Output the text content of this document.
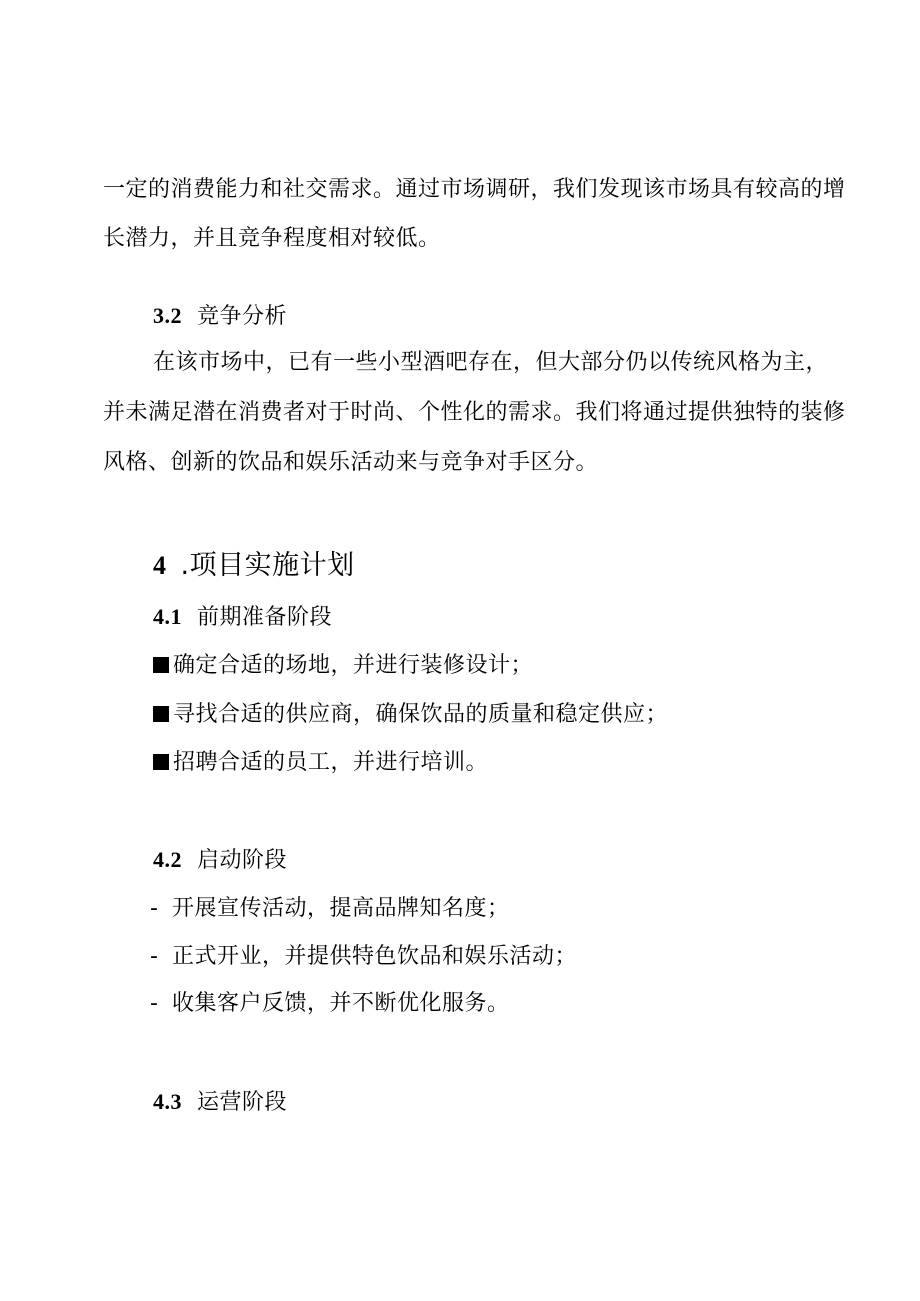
一定的消费能力和社交需求。通过市场调研，我们发现该市场具有较高的增
长潜力，并且竞争程度相对较低。
3.2 竞争分析
在该市场中，已有一些小型酒吧存在，但大部分仍以传统风格为主，
并未满足潜在消费者对于时尚、个性化的需求。我们将通过提供独特的装修
风格、创新的饮品和娱乐活动来与竞争对手区分。
4 .项目实施计划
4.1 前期准备阶段
确定合适的场地，并进行装修设计；
寻找合适的供应商，确保饮品的质量和稳定供应；
招聘合适的员工，并进行培训。
4.2 启动阶段
- 开展宣传活动，提高品牌知名度；
- 正式开业，并提供特色饮品和娱乐活动；
- 收集客户反馈，并不断优化服务。
4.3 运营阶段
